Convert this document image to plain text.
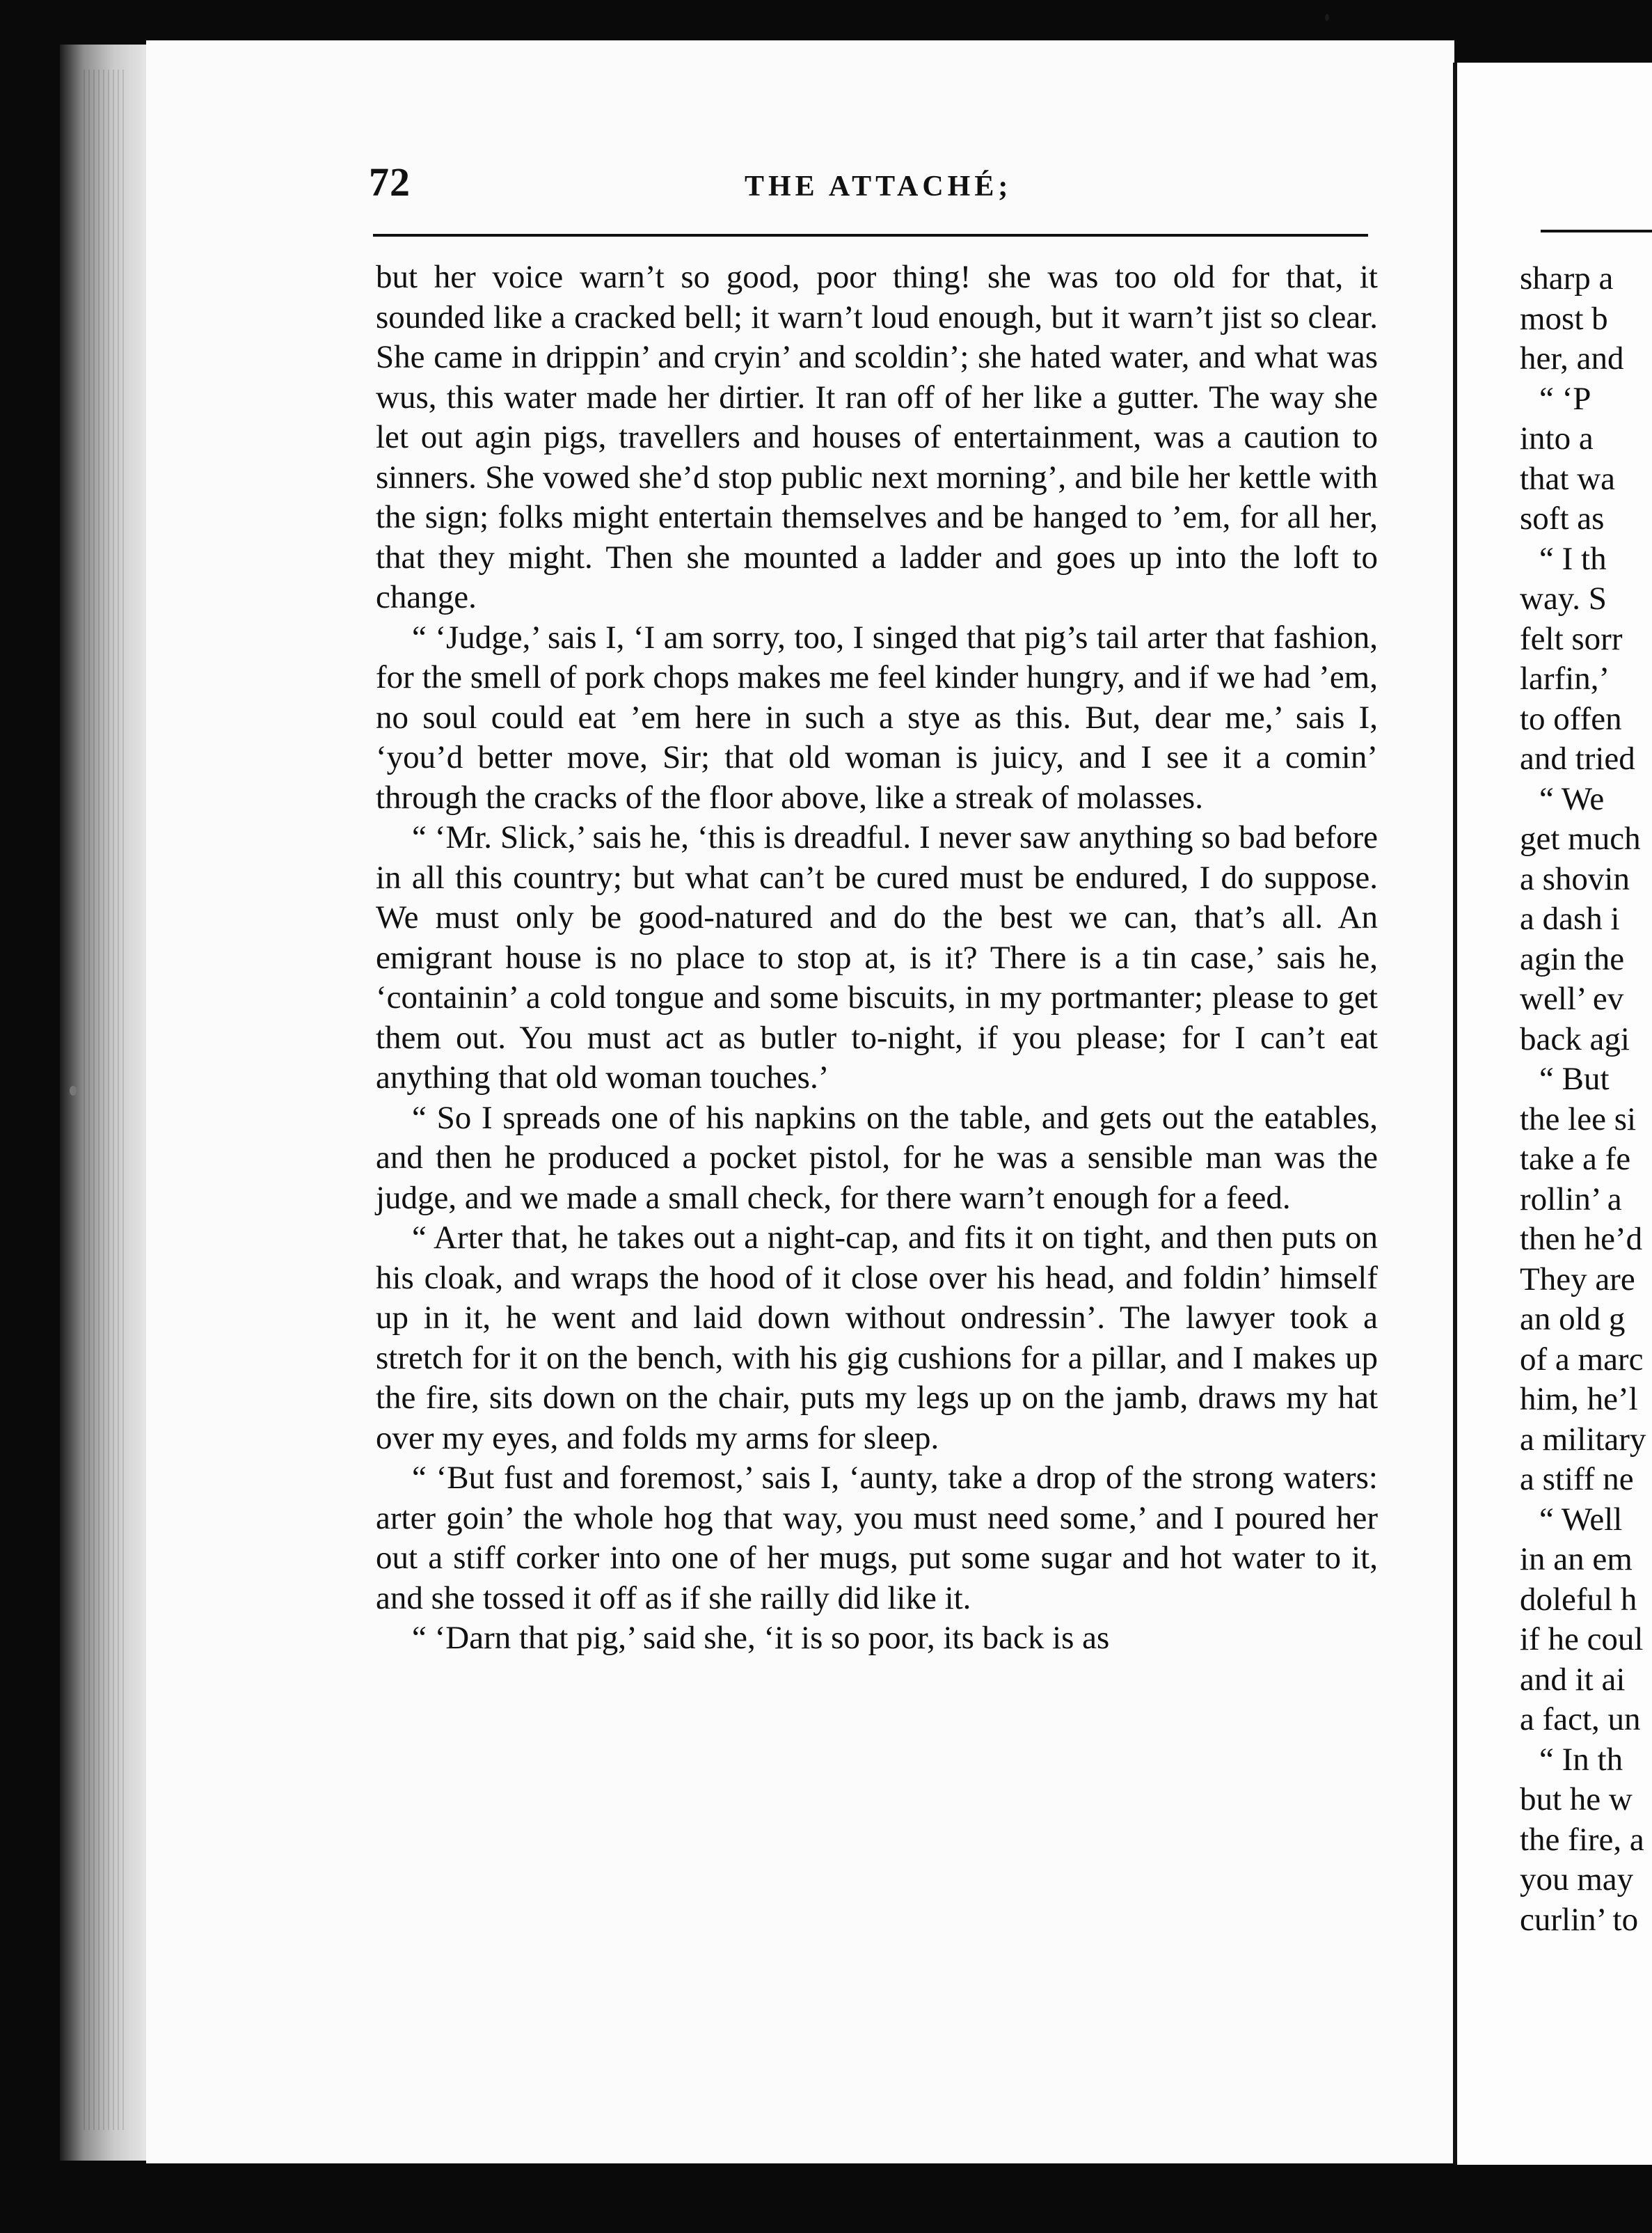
72	THE ATTACHÉ;

but her voice warn’t so good, poor thing! she was too old for that, it sounded like a cracked bell; it warn’t loud enough, but it warn’t jist so clear. She came in drippin’ and cryin’ and scoldin’; she hated water, and what was wus, this water made her dirtier. It ran off of her like a gutter. The way she let out agin pigs, travellers and houses of entertainment, was a caution to sinners. She vowed she’d stop public next morning’, and bile her kettle with the sign; folks might entertain themselves and be hanged to ’em, for all her, that they might. Then she mounted a ladder and goes up into the loft to change.

“ ‘Judge,’ sais I, ‘I am sorry, too, I singed that pig’s tail arter that fashion, for the smell of pork chops makes me feel kinder hungry, and if we had ’em, no soul could eat ’em here in such a stye as this. But, dear me,’ sais I, ‘you’d better move, Sir; that old woman is juicy, and I see it a comin’ through the cracks of the floor above, like a streak of molasses.

“ ‘Mr. Slick,’ sais he, ‘this is dreadful. I never saw anything so bad before in all this country; but what can’t be cured must be endured, I do suppose. We must only be good-natured and do the best we can, that’s all. An emigrant house is no place to stop at, is it? There is a tin case,’ sais he, ‘containin’ a cold tongue and some biscuits, in my portmanter; please to get them out. You must act as butler to-night, if you please; for I can’t eat anything that old woman touches.’

“ So I spreads one of his napkins on the table, and gets out the eatables, and then he produced a pocket pistol, for he was a sensible man was the judge, and we made a small check, for there warn’t enough for a feed.

“ Arter that, he takes out a night-cap, and fits it on tight, and then puts on his cloak, and wraps the hood of it close over his head, and foldin’ himself up in it, he went and laid down without ondressin’. The lawyer took a stretch for it on the bench, with his gig cushions for a pillar, and I makes up the fire, sits down on the chair, puts my legs up on the jamb, draws my hat over my eyes, and folds my arms for sleep.

“ ‘But fust and foremost,’ sais I, ‘aunty, take a drop of the strong waters: arter goin’ the whole hog that way, you must need some,’ and I poured her out a stiff corker into one of her mugs, put some sugar and hot water to it, and she tossed it off as if she railly did like it.

“ ‘Darn that pig,’ said she, ‘it is so poor, its back is as

sharp a
most b
her, and
“ ‘P
into a
that wa
soft as
“ I th
way. S
felt sorr
larfin,’
to offen
and tried
“ We
get much
a shovin
a dash i
agin the
well’ ev
back agi
“ But
the lee si
take a fe
rollin’ a
then he’d
They are
an old g
of a marc
him, he’l
a military
a stiff ne
“ Well
in an em
doleful h
if he coul
and it ai
a fact, un
“ In th
but he w
the fire, a
you may
curlin’ to
